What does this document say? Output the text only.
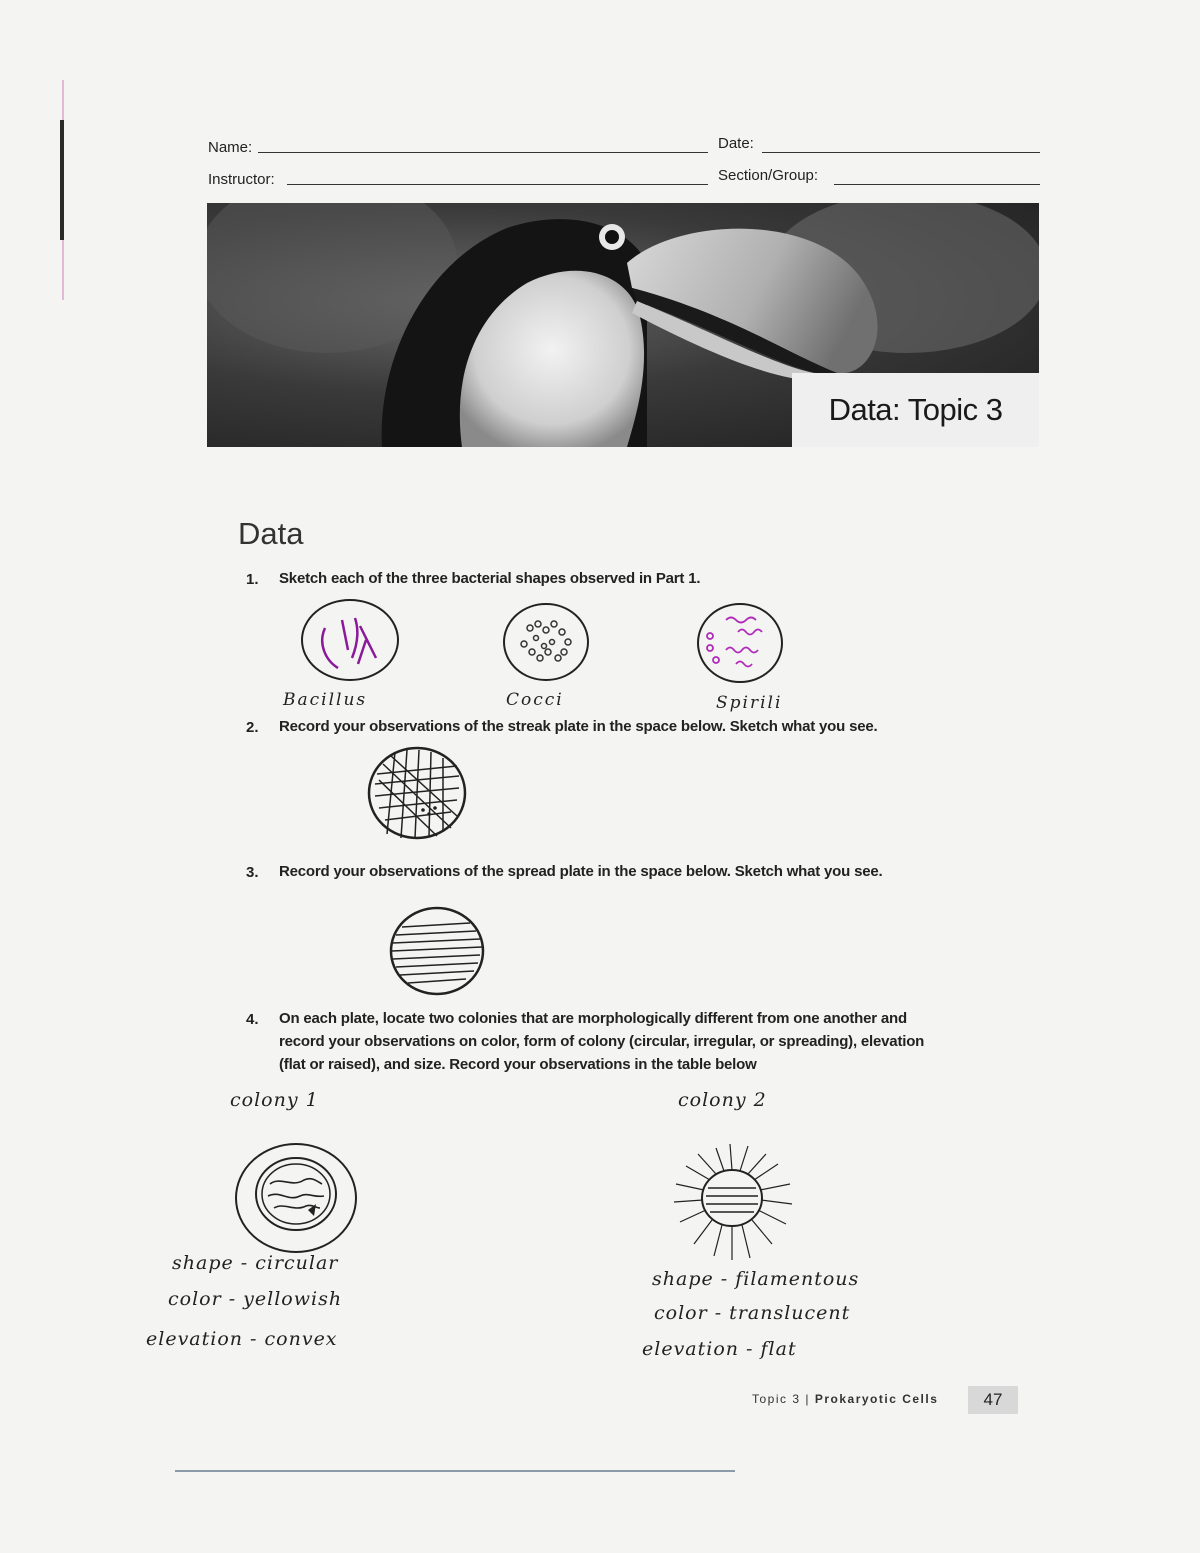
Name:	Date:
Instructor:	Section/Group:
Data: Topic 3
Data
1. Sketch each of the three bacterial shapes observed in Part 1.
Bacillus	Cocci	Spirili
2. Record your observations of the streak plate in the space below. Sketch what you see.
3. Record your observations of the spread plate in the space below. Sketch what you see.
4. On each plate, locate two colonies that are morphologically different from one another and
record your observations on color, form of colony (circular, irregular, or spreading), elevation
(flat or raised), and size. Record your observations in the table below
colony 1
shape - circular
color - yellowish
elevation - convex
colony 2
shape - filamentous
color - translucent
elevation - flat
Topic 3 | Prokaryotic Cells	47
